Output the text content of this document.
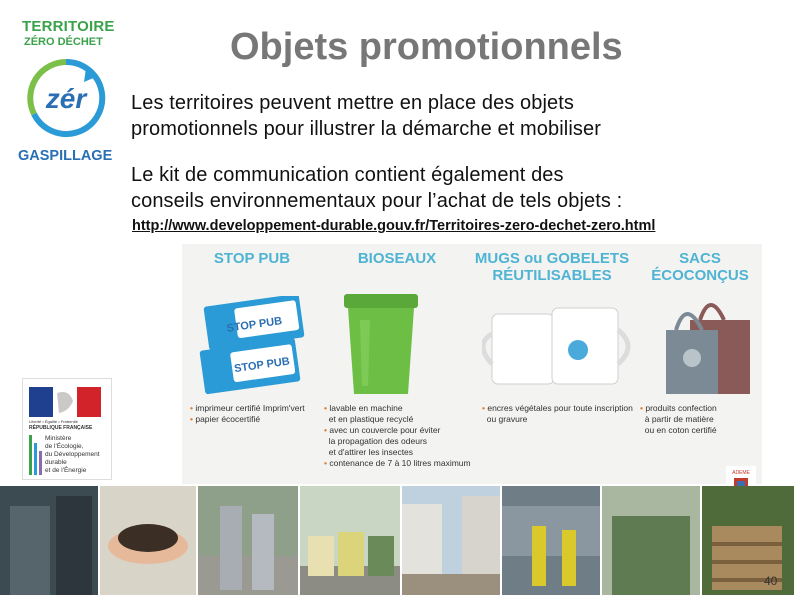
TERRITOIRE
ZÉRO DÉCHET
zér
GASPILLAGE
Objets promotionnels
Les territoires peuvent mettre en place des objets
promotionnels pour illustrer la démarche et mobiliser
Le kit de communication contient également des
conseils environnementaux pour l’achat de tels objets :
http://www.developpement-durable.gouv.fr/Territoires-zero-dechet-zero.html
STOP PUB
STOP PUB
STOP PUB
• imprimeur certifié Imprim'vert
• papier écocertifié
BIOSEAUX
• lavable en machine
et en plastique recyclé
• avec un couvercle pour éviter
la propagation des odeurs
et d'attirer les insectes
• contenance de 7 à 10 litres maximum
MUGS ou GOBELETS
RÉUTILISABLES
• encres végétales pour toute inscription
ou gravure
SACS
ÉCOCONÇUS
• produits confection
à partir de matière
ou en coton certifié
ADEME
Liberté • Égalité • Fraternité
RÉPUBLIQUE FRANÇAISE
Ministère
de l'Écologie,
du Développement
durable
et de l'Énergie
40
